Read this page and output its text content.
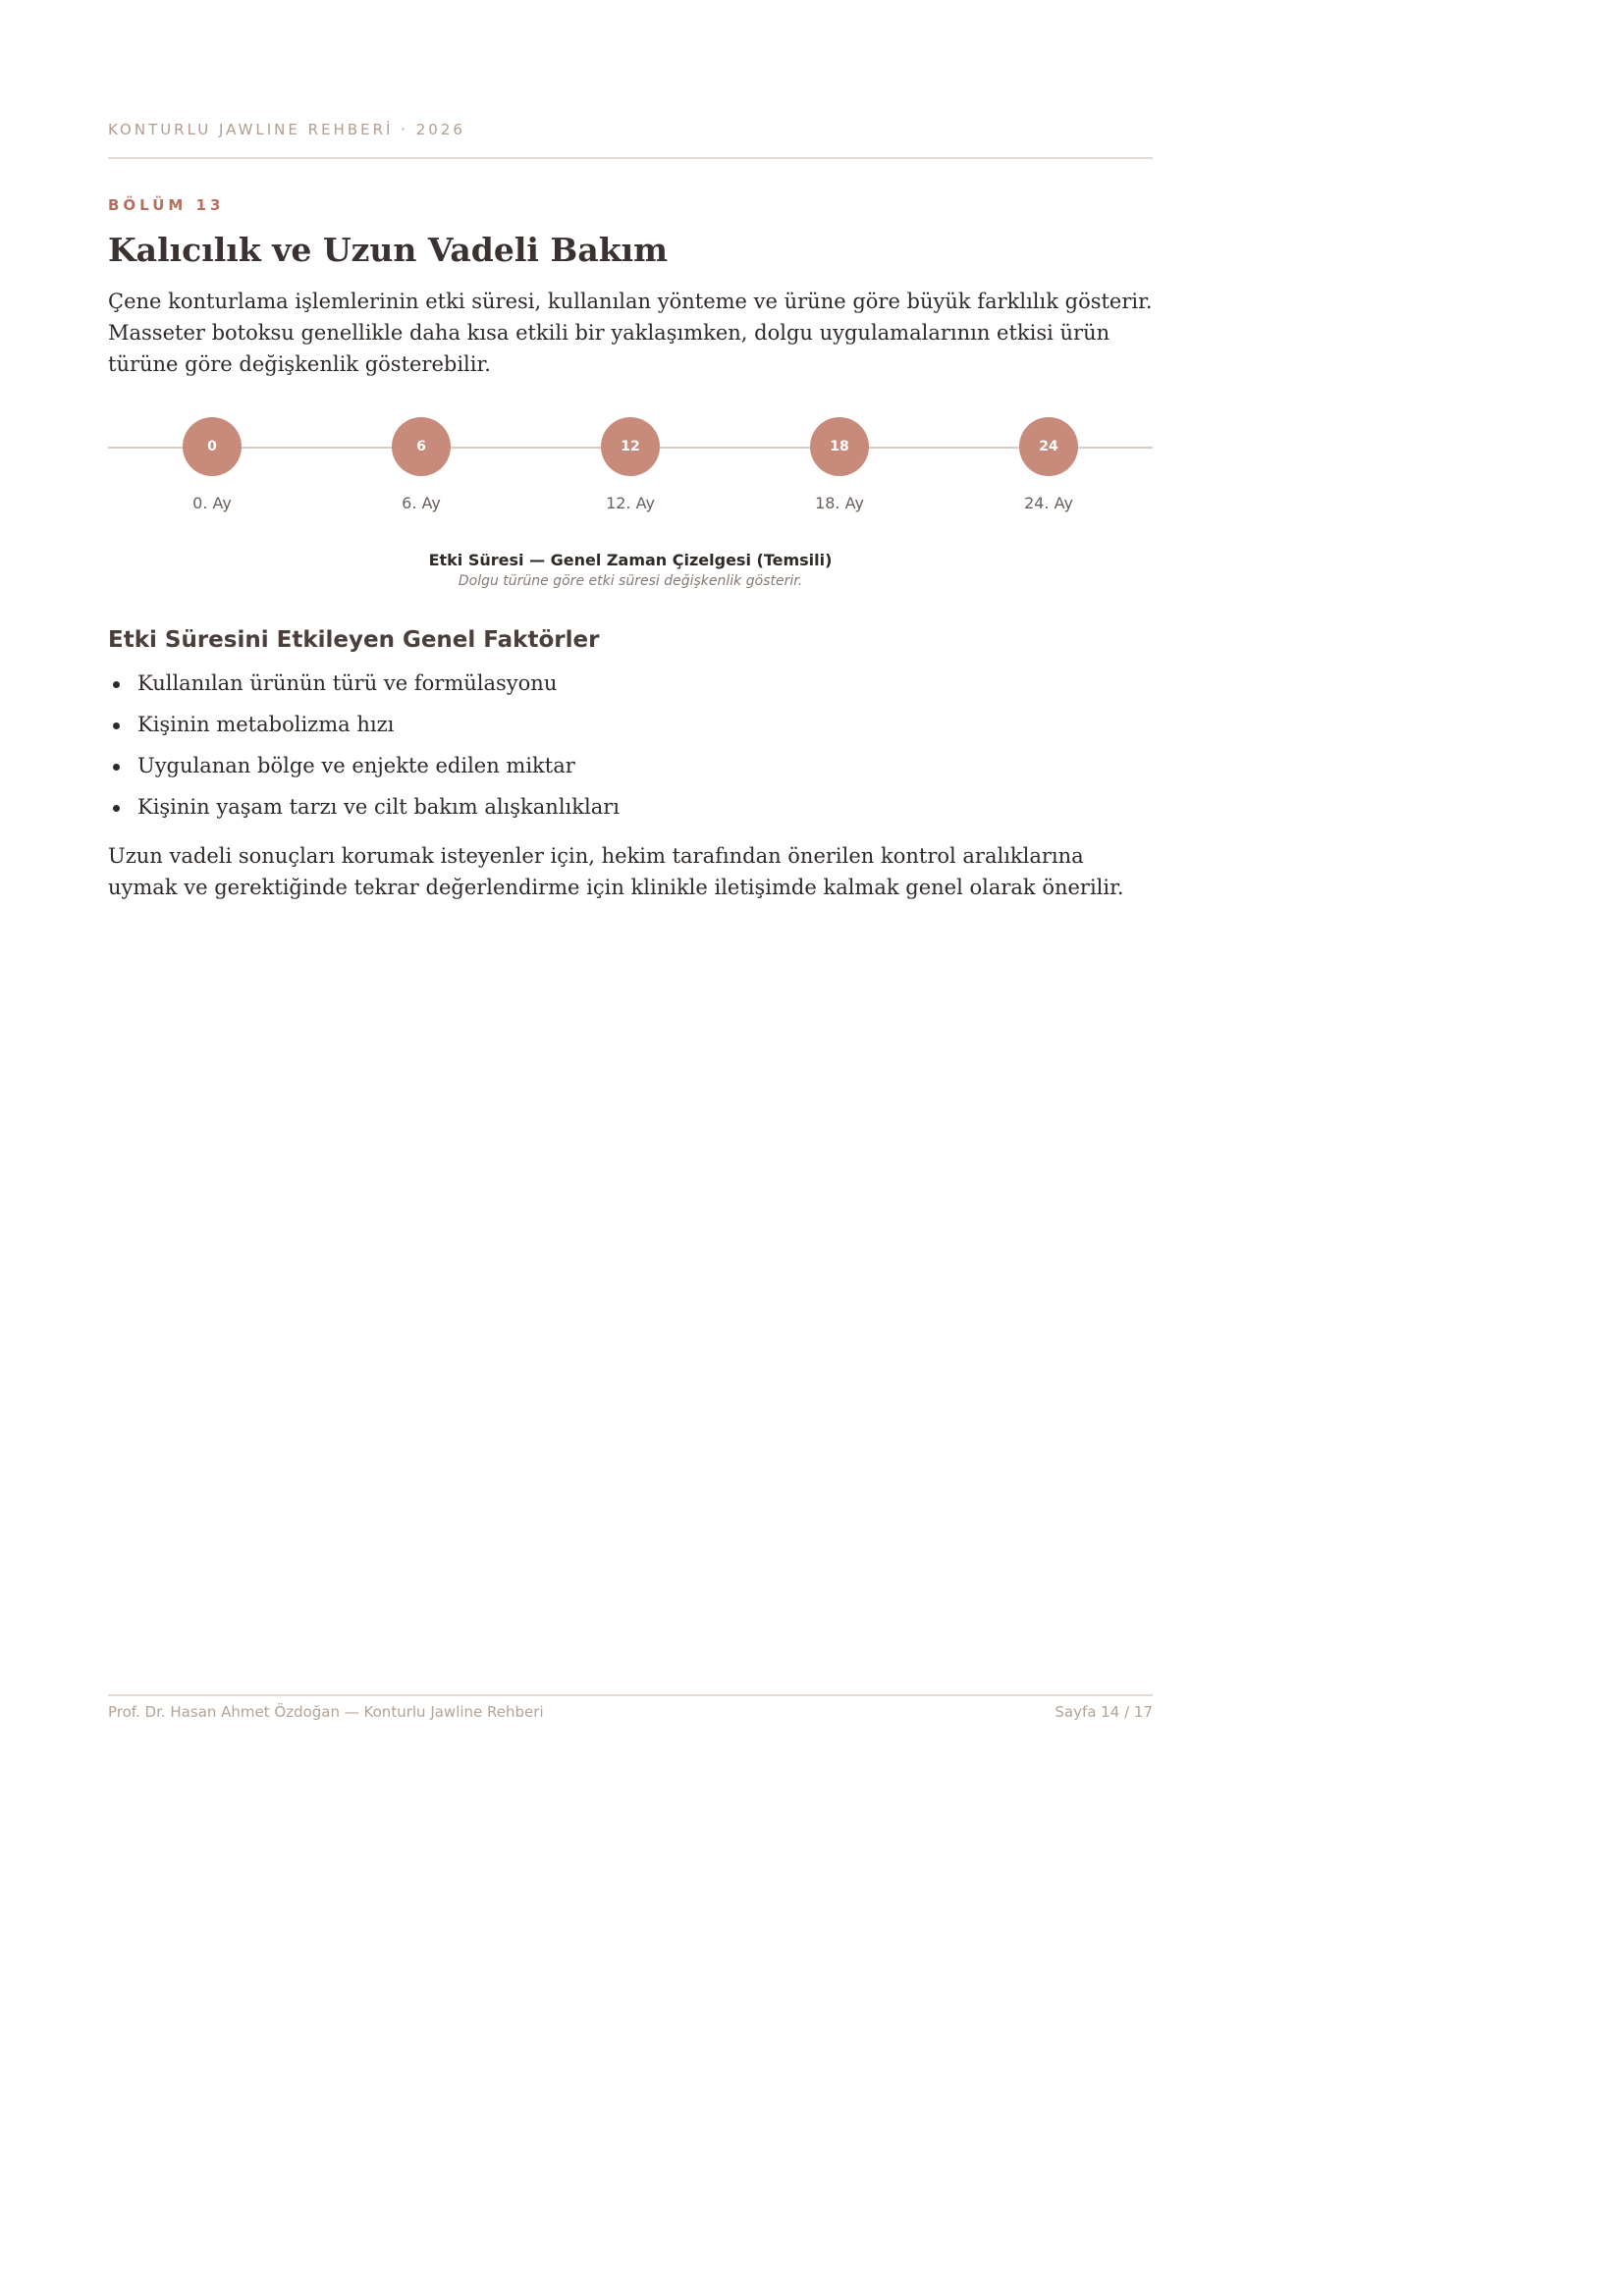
KONTURLU JAWLINE REHBERİ · 2026
BÖLÜM 13
Kalıcılık ve Uzun Vadeli Bakım

Çene konturlama işlemlerinin etki süresi, kullanılan yönteme ve ürüne göre büyük farklılık gösterir. Masseter botoksu genellikle daha kısa etkili bir yaklaşımken, dolgu uygulamalarının etkisi ürün türüne göre değişkenlik gösterebilir.

0
0. Ay
6
6. Ay
12
12. Ay
18
18. Ay
24
24. Ay
Etki Süresi — Genel Zaman Çizelgesi (Temsili)
Dolgu türüne göre etki süresi değişkenlik gösterir.
Etki Süresini Etkileyen Genel Faktörler
Kullanılan ürünün türü ve formülasyonu
Kişinin metabolizma hızı
Uygulanan bölge ve enjekte edilen miktar
Kişinin yaşam tarzı ve cilt bakım alışkanlıkları

Uzun vadeli sonuçları korumak isteyenler için, hekim tarafından önerilen kontrol aralıklarına uymak ve gerektiğinde tekrar değerlendirme için klinikle iletişimde kalmak genel olarak önerilir.

Prof. Dr. Hasan Ahmet Özdoğan — Konturlu Jawline Rehberi	Sayfa 14 / 17
